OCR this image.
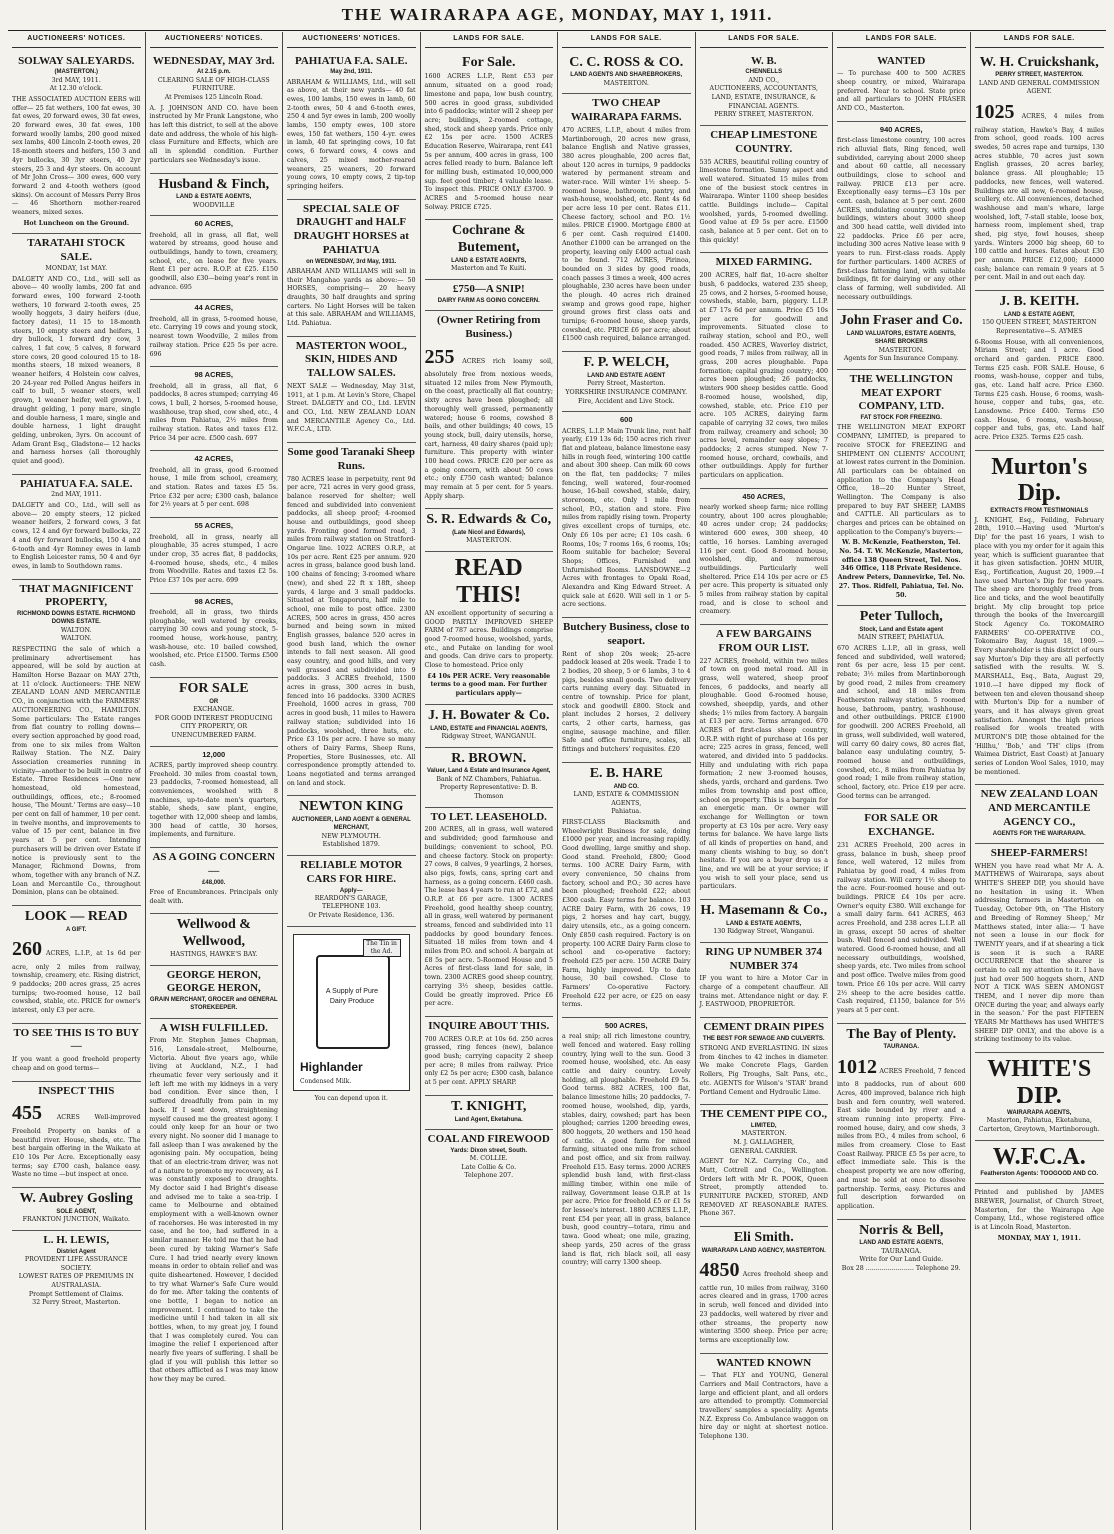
THE WAIRARAPA AGE, MONDAY, MAY 1, 1911.
AUCTIONEERS' NOTICES.
SOLWAY SALEYARDS.
(MASTERTON.)
3rd MAY, 1911.
At 12.30 o'clock.

THE ASSOCIATED AUCTION EERS will offer— 25 fat wethers, 100 fat ewes, 30 fat ewes, 20 forward ewes, 30 fat ewes, 20 forward ewes, 30 fat ewes, 100 forward woolly lambs, 200 good mixed sex lambs, 400 Lincoln 2-tooth ewes, 20 18-month steers and heifers, 150 3 and 4yr bullocks, 30 3yr steers, 40 2yr steers, 25 3 and 4yr steers. On account of Mr John Cross— 300 ewes, 600 very forward 2 and 4-tooth wethers (good skins). On account of Messrs Perry Bros— 46 Shorthorn mother-reared weaners, mixed sexes.

Hot Luncheon on the Ground.
TARATAHI STOCK SALE.
MONDAY, 1st MAY.

DALGETY AND CO., Ltd., will sell as above— 40 woolly lambs, 200 fat and forward ewes, 100 forward 2-tooth wethers, 10 forward 2-tooth ewes, 25 woolly hoggets, 3 dairy heifers (due, factory dates), 11 15 to 18-month steers, 10 empty steers and heifers, 1 dry bullock, 1 forward dry cow, 3 calves, 1 fat cow, 5 calves, 8 forward store cows, 20 good coloured 15 to 18-months steers, 18 mixed weaners, 8 weaner heifers, 4 Holstein cow calves, 20 24-year red Polled Angus heifers in calf to bull, 5 weaner steers, well grown, 1 weaner heifer, well grown, 1 draught gelding, 1 pony mare, single and double harness, 1 mare, single and double harness, 1 light draught gelding, unbroken, 3yrs. On account of Adam Grant Esq., Gladstone— 12 hacks and harness horses (all thoroughly quiet and good).

PAHIATUA F.A. SALE.
2nd MAY, 1911.

DALGETY and CO., Ltd., will sell as above— 20 empty steers, 12 picked weaner heifers, 2 forward cows, 3 fat cows, 12 4 and 6yr forward bullocks, 22 4 and 6yr forward bullocks, 150 4 and 6-tooth and 4yr Romney ewes in lamb to English Leicester rams, 50 4 and 6yr ewes, in lamb to Southdown rams.

THAT MAGNIFICENT PROPERTY,
RICHMOND DOWNS ESTATE. RICHMOND DOWNS ESTATE.
WALTON.
WALTON.

RESPECTING the sale of which a preliminary advertisement has appeared, will be sold by auction at Hamilton Horse Bazaar on MAY 27th, at 11 o'clock. Auctioneers: THE NEW ZEALAND LOAN AND MERCANTILE CO., in conjunction with the FARMERS' AUCTIONEERING CO., HAMILTON. Some particulars: The Estate ranges from flat country to rolling downs—every section approached by good road, from one to six miles from Walton Railway Station. The N.Z. Dairy Association creameries running in vicinity—another to be built in centre of Estate. Three Residences —One new homestead, old homestead, outbuildings, offices, etc.; 8-roomed house, 'The Mount.' Terms are easy—10 per cent on fall of hammer, 10 per cent. in twelve months, and improvements to value of 15 per cent, balance in five years at 5 per cent. Intending purchasers will be driven over Estate if notice is previously sent to the Manager, Richmond Downs, from whom, together with any branch of N.Z. Loan and Mercantile Co., throughout Dominion, plans can be obtained.

LOOK — READ
A GIFT.

260 ACRES, L.I.P., at 1s 6d per acre, only 2 miles from railway, township, creamery, etc. Rising district, 9 paddocks; 200 acres grass, 25 acres turnips; two-roomed house, 12 bail cowshed, stable, etc. PRICE for owner's interest, only £3 per acre.

TO SEE THIS IS TO BUY—

If you want a good freehold property cheap and on good terms—

INSPECT THIS

455 ACRES Well-improved Freehold Property on banks of a beautiful river. House, sheds, etc. The best bargain offering in the Waikato at £10 10s Per Acre. Exceptionally easy terms; say £700 cash, balance easy. Waste no time —but inspect at once.

W. Aubrey Gosling
SOLE AGENT,
FRANKTON JUNCTION, Waikato.
L. H. LEWIS,
District Agent
PROVIDENT LIFE ASSURANCE SOCIETY.
LOWEST RATES OF PREMIUMS IN AUSTRALASIA.
Prompt Settlement of Claims.
32 Perry Street, Masterton.
AUCTIONEERS' NOTICES.
WEDNESDAY, MAY 3rd.
At 2.15 p.m.
CLEARING SALE OF HIGH-CLASS FURNITURE.
At Premises 125 Lincoln Road.

A. J. JOHNSON AND CO. have been instructed by Mr Frank Langstone, who has left this district, to sell at the above date and address, the whole of his high-class Furniture and Effects, which are all in splendid condition. Further particulars see Wednesday's issue.

Husband & Finch,
LAND & ESTATE AGENTS,
WOODVILLE
60 ACRES,

freehold, all in grass, all flat, well watered by streams, good house and outbuildings, handy to town, creamery, school, etc., on lease for five years. Rent £1 per acre. R.O.P. at £25. £150 goodwill, also £30—being year's rent in advance. 695

44 ACRES,

freehold, all in grass, 5-roomed house, etc. Carrying 19 cows and young stock, nearest town Woodville, 2 miles from railway station. Price £25 5s per acre. 696

98 ACRES,

freehold, all in grass, all flat, 6 paddocks, 8 acres stumped; carrying 46 cows, 1 bull, 2 horses, 5-roomed house, washhouse, trap shed, cow shed, etc., 4 miles from Pahiatua, 2½ miles from railway station. Rates and taxes £12. Price 34 per acre. £500 cash. 697

42 ACRES,

freehold, all in grass, good 6-roomed house, 1 mile from school, creamery, and station. Rates and taxes £5 5s. Price £32 per acre; £300 cash, balance for 2½ years at 5 per cent. 698

55 ACRES,

freehold, all in grass, nearly all ploughable, 35 acres stumped, 1 acre under crop, 35 acres flat, 8 paddocks, 4-roomed house, sheds, etc., 4 miles from Woodville. Rates and taxes £2 5s. Price £37 10s per acre. 699

98 ACRES,

freehold, all in grass, two thirds ploughable, well watered by creeks, carrying 30 cows and young stock, 5-roomed house, work-house, pantry, wash-house, etc. 10 bailed cowshed, woolshed, etc. Price £1500. Terms £500 cash.

FOR SALE
OR
EXCHANGE.
FOR GOOD INTEREST PRODUCING CITY PROPERTY, OR UNENCUMBERED FARM.
12,000

ACRES, partly improved sheep country. Freehold. 30 miles from coastal town, 23 paddocks, 7-roomed homestead, all conveniences, woolshed with 8 machines, up-to-date men's quarters, stable, sheds, saw plant, engine, together with 12,000 sheep and lambs, 300 head of cattle, 30 horses, implements, and furniture.

AS A GOING CONCERN—
£48,000.

Free of Encumbrances. Principals only dealt with.

Wellwood & Wellwood,
HASTINGS, HAWKE'S BAY.
GEORGE HERON, GEORGE HERON,
GRAIN MERCHANT, GROCER and GENERAL STOREKEEPER.
A WISH FULFILLED.

From Mr. Stephen James Chapman, 516, Lonsdale-street, Melbourne, Victoria. About five years ago, while living at Auckland, N.Z., I had rheumatic fever very seriously and it left left me with my kidneys in a very bad condition. Ever since then, I suffered dreadfully from pain in my back. If I sent down, straightening myself caused me the greatest agony. I could only keep for an hour or two every night. No sooner did I manage to fall asleep than I was awakened by the agonising pain. My occupation, being that of an electric-tram driver, was not of a nature to promote my recovery, as I was constantly exposed to draughts. My doctor said I had Bright's disease and advised me to take a sea-trip. I came to Melbourne and obtained employment with a well-known owner of racehorses. He was interested in my case, and he too, had suffered in a similar manner. He told me that he had been cured by taking Warner's Safe Cure. I had tried nearly every known means in order to obtain relief and was quite disheartened. However, I decided to try what Warner's Safe Cure would do for me. After taking the contents of one bottle, I began to notice an improvement. I continued to take the medicine until I had taken in all six bottles, when, to my great joy, I found that I was completely cured. You can imagine the relief I experienced after nearly five years of suffering. I shall be glad if you will publish this letter so that others afflicted as I was may know how they may be cured.

AUCTIONEERS' NOTICES.
PAHIATUA F.A. SALE.
May 2nd, 1911.

ABRAHAM & WILLIAMS, Ltd., will sell as above, at their new yards— 40 fat ewes, 100 lambs, 150 ewes in lamb, 60 2-tooth ewes, 50 4 and 6-tooth ewes, 250 4 and 5yr ewes in lamb, 200 woolly lambs, 150 empty ewes, 100 store ewes, 150 fat wethers, 150 4-yr. ewes in lamb, 40 fat springing cows, 10 fat cows, 6 forward cows, 4 cows and calves, 25 mixed mother-reared weaners, 25 weaners, 20 forward young cows, 10 empty cows, 2 tip-top springing heifers.

SPECIAL SALE OF DRAUGHT and HALF DRAUGHT HORSES at PAHIATUA
on WEDNESDAY, 3rd May, 1911.

ABRAHAM AND WILLIAMS will sell in their Mangahao yards as above:— 50 HORSES, comprising— 20 heavy draughts, 30 half draughts and spring carters. No Light Horses will be taken at this sale. ABRAHAM and WILLIAMS, Ltd. Pahiatua.

MASTERTON WOOL, SKIN, HIDES AND TALLOW SALES.

NEXT SALE — Wednesday, May 31st, 1911, at 1 p.m. At Levin's Store, Chapel Street. DALGETY and CO., Ltd. LEVIN and CO., Ltd. NEW ZEALAND LOAN and MERCANTILE Agency Co., Ltd. W.F.C.A., LTD.

Some good Taranaki Sheep Runs.

780 ACRES lease in perpetuity, rent 9d per acre, 721 acres in very good grass, balance reserved for shelter; well fenced and subdivided into convenient paddocks, all sheep proof; 4-roomed house and outbuildings, good sheep yards. Fronting good formed road, 3 miles from railway station on Stratford-Ongarue line. 1022 ACRES O.R.P., at 10s per acre. Rent £25 per annum. 920 acres in grass, balance good bush land. 100 chains of fencing; 3-roomed whare (new), and shed 22 ft x 18ft, sheep yards, 4 large and 3 small paddocks. Situated at Tongaporutu, half mile to school, one mile to post office. 2300 ACRES, 500 acres in grass, 450 acres burned and being sown in mixed English grasses, balance 520 acres in good bush land, which the owner intends to fall next season. All good easy country, and good hills, and very well grassed and subdivided into 9 paddocks. 3 ACRES freehold, 1500 acres in grass, 300 acres in bush, fenced into 16 paddocks. 3300 ACRES Freehold, 1600 acres in grass, 700 acres in good bush, 11 miles to Hawera railway station; subdivided into 16 paddocks, woolshed, three huts, etc. Price £3 10s per acre. I have so many others of Dairy Farms, Sheep Runs, Properties, Store Businesses, etc. All correspondence promptly attended to. Loans negotiated and terms arranged on land and stock.

NEWTON KING
AUCTIONEER, LAND AGENT & GENERAL MERCHANT,
NEW PLYMOUTH.
Established 1879.
RELIABLE MOTOR CARS FOR HIRE.
Apply—
REARDON'S GARAGE,
TELEPHONE 103.
Or Private Residence, 136.
The Tin in the Ad.
A Supply of Pure Dairy Produce
Highlander
Condensed Milk.
You can depend upon it.
LANDS FOR SALE.
For Sale.

1600 ACRES L.I.P., Rent £53 per annum, situated on a good road; limestone and papa, low bush country, 500 acres in good grass, subdivided into 6 paddocks; winter will 2 sheep per acre; buildings, 2-roomed cottage, shed, stock and sheep yards. Price only £2 15s per acre. 1500 ACRES Education Reserve, Wairarapa, rent £41 5s per annum, 400 acres in grass, 100 acres felled ready to burn. Balance left for milling bush, estimated 10,000,000 sup. feet good timber; 4 valuable lease. To inspect this. PRICE ONLY £3700. 9 ACRES and 5-roomed house near Solway. PRICE £725.

Cochrane & Butement,
LAND & ESTATE AGENTS,
Masterton and Te Kuiti.
£750—A SNIP!
DAIRY FARM AS GOING CONCERN.
(Owner Retiring from Business.)

255 ACRES rich loamy soil, absolutely free from noxious weeds, situated 12 miles from New Plymouth, on the coast, practically all flat country; sixty acres have been ploughed; all thoroughly well grassed, permanently watered; house 6 rooms, cowshed 8 bails, and other buildings; 40 cows, 15 young stock, bull, dairy utensils, horse, cart, harness, 40 dairy shares (paid up); furniture. This property with winter 100 head cows. PRICE £20 per acre as a going concern, with about 50 cows etc.; only £750 cash wanted; balance may remain at 5 per cent. for 5 years. Apply sharp.

S. R. Edwards & Co,
(Late Nicol and Edwards),
MASTERTON.
READ THIS!

AN excellent opportunity of securing a GOOD PARTLY IMPROVED SHEEP FARM of 787 acres. Buildings comprise good 7-roomed house, woolshed, yards, etc., and Putake on landing for wool and goods. Can drive cars to property. Close to homestead. Price only

£4 10s PER ACRE. Very reasonable terms to a good man. For further particulars apply—
J. H. Bowater & Co.
LAND, ESTATE and FINANCIAL AGENTS,
Ridgway Street, WANGANUI.
R. BROWN.
Valuer, Land & Estate and Insurance Agent,
Bank of NZ Chambers, Pahiatua.
Property Representative: D. B. Thomson
TO LET. LEASEHOLD.

200 ACRES, all in grass, well watered and subdivided; good farmhouse and buildings; convenient to school, P.O. and cheese factory. Stock on property: 27 cows, 8 calves, 9 yearlings, 2 horses, also pigs, fowls, cans, spring cart and harness, as a going concern. £460 cash. The lease has 4 years to run at £72, and O.R.P. at £6 per acre. 1300 ACRES Freehold, good healthy sheep country, all in grass, well watered by permanent streams, fenced and subdivided into 11 paddocks by good boundary fences. Situated 18 miles from town and 4 miles from P.O. and school. A bargain at £8 5s per acre. 5-Roomed House and 5 Acres of first-class land for sale, in town. 2300 ACRES good sheep country, carrying 3½ sheep, besides cattle. Could be greatly improved. Price £6 per acre.

INQUIRE ABOUT THIS.

700 ACRES O.R.P. at 10s 6d. 250 acres grassed, ring fences (new), balance good bush; carrying capacity 2 sheep per acre; 8 miles from railway. Price only £2 5s per acre; £300 cash, balance at 5 per cent. APPLY SHARP.

T. KNIGHT,
Land Agent, Eketahuna.
COAL AND FIREWOOD
Yards: Dixon street, South.
M. COLLIE.
Late Collie & Co.
Telephone 207.
LANDS FOR SALE.
C. C. ROSS & CO.
LAND AGENTS AND SHAREBROKERS,
MASTERTON.
TWO CHEAP WAIRARAPA FARMS.

470 ACRES, L.I.P., about 4 miles from Martinborough, 20 acres new grass, balance English and Native grasses, 380 acres ploughable, 200 acres flat, about 120 acres in turnips, 9 paddocks watered by permanent stream and water-race. Will winter 1½ sheep. 5-roomed house, bathroom, pantry, and wash-house, woolshed, etc. Rent 4s 6d per acre less 10 per cent. Rates £11. Cheese factory, school and P.O. 1½ miles. PRICE £1900. Mortgage £800 at 6 per cent. Cash required £1400. Another £1000 can be arranged on the property, leaving only £400 actual cash to be found. 712 ACRES, Pirinoa, bounded on 3 sides by good roads, coach passes 3 times a week, 400 acres ploughable, 230 acres have been under the plough. 40 acres rich drained swamp and grows good rape, higher ground grows first class oats and turnips; 6-roomed house, sheep yards, cowshed, etc. PRICE £6 per acre; about £1500 cash required, balance arranged.

F. P. WELCH,
LAND AND ESTATE AGENT
Perry Street, Masterton.
YORKSHIRE INSURANCE COMPANY.
Fire, Accident and Live Stock.
600

ACRES, L.I.P. Main Trunk line, rent half yearly, £19 13s 6d; 150 acres rich river flat and plateau, balance limestone easy hills in rough feed, wintering 100 cattle and about 300 sheep. Can milk 60 cows on the flat, ten paddocks; 7 miles fencing, well watered, four-roomed house, 16-bail cowshed, stable, dairy, storeroom, etc. Only 1 mile from school, P.O., station and store. Five miles from rapidly rising town. Property gives excellent crops of turnips, etc. Only £6 10s per acre; £1 10s cash. 6 Rooms, 10s; 7 rooms 16s, 6 rooms, 10s; Room suitable for bachelor; Several Shops; Offices, Furnished and Unfurnished Rooms. LANSDOWNE—2 Acres with frontages to Opaki Road, Alexandra and King Edward Street. A quick sale at £620. Will sell in 1 or 5-acre sections.

Butchery Business, close to seaport.

Rent of shop 20s week; 25-acre paddock leased at 20s week. Trade 1 to 2 bodies, 20 sheep, 5 or 6 lambs, 3 to 4 pigs, besides small goods. Two delivery carts running every day. Situated in centre of township. Price for plant, stock and goodwill £800. Stock and plant includes 2 horses, 2 delivery carts, 2 other carts, harness, gas engine, sausage machine, and filler. Safe and office furniture, scales, all fittings and butchers' requisites. £20

E. B. HARE
AND CO.
LAND, ESTATE & COMMISSION AGENTS,
Pahiatua.

FIRST-CLASS Blacksmith and Wheelwright Business for sale, doing £1000 per year, and increasing rapidly. Good dwelling, large smithy and shop. Good stand. Freehold, £800; Good terms. 100 ACRE Dairy Farm, with every convenience, 50 chains from factory, school and P.O.; 30 acres have been ploughed; freehold £22; about £300 cash. Easy terms for balance. 103 ACRE Dairy Farm, with 26 cows, 19 pigs, 2 horses and hay cart, buggy, dairy utensils, etc., as a going concern. Only £850 cash required. Factory is on property. 100 ACRE Dairy Farm close to school and co-operative factory; freehold £25 per acre. 150 ACRE Dairy Farm, highly improved. Up to date house, 30 bail cowshed. Close to Farmers' Co-operative Factory. Freehold £22 per acre, or £25 on easy terms.

500 ACRES,

a real snip; all rich limestone country, well fenced and watered. Easy rolling country, lying well to the sun. Good 3 roomed house, woolshed, etc. An easy cattle and dairy country. Lovely holding, all ploughable. Freehold £9 5s. Good terms. 882 ACRES, 100 flat, balance limestone hills; 20 paddocks, 7-roomed house, woolshed, dip, yards, stables, dairy, cowshed; part has been ploughed; carries 1200 breeding ewes, 800 hoggets, 20 wethers and 150 head of cattle. A good farm for mixed farming, situated one mile from school and post office, and six from railway. Freehold £15. Easy terms. 2000 ACRES splendid bush land, with first-class milling timber, within one mile of railway, Government lease O.R.P. at 1s per acre. Price for freehold £5 or £1 5s for lessee's interest. 1880 ACRES L.I.P., rent £54 per year, all in grass, balance bush, good country—totara, rimu and tawa. Good wheat; one mile, grazing, sheep yards, 250 acres of the grass land is flat, rich black soil, all easy country; will carry 1300 sheep.

LANDS FOR SALE.
W. B.
CHENNELLS
AND CO.,
AUCTIONEERS, ACCOUNTANTS, LAND, ESTATE, INSURANCE, & FINANCIAL AGENTS.
PERRY STREET, MASTERTON.
CHEAP LIMESTONE COUNTRY.

535 ACRES, beautiful rolling country of limestone formation. Sunny aspect and well watered. Situated 15 miles from one of the busiest stock centres in Wairarapa. Winter 1100 sheep besides cattle. Buildings include— Capital woolshed, yards, 5-roomed dwelling. Good value at £9 5s per acre. £1500 cash, balance at 5 per cent. Get on to this quickly!

MIXED FARMING.

200 ACRES, half flat, 10-acre shelter bush, 6 paddocks, watered 235 sheep, 25 cows, and 2 horses, 5-roomed house, cowsheds, stable, barn, piggery. L.I.P. at £7 17s 6d per annum. Price £5 10s per acre for goodwill and improvements. Situated close to railway station, school and P.O., well roaded. 450 ACRES, Waverley district, good roads, 7 miles from railway, all in grass, 200 acres ploughable. Papa formation; capital grazing country; 400 acres been ploughed; 26 paddocks, winters 900 sheep besides cattle. Good 8-roomed house, woolshed, dip, cowshed, stable, etc. Price £10 per acre. 105 ACRES, dairying farm capable of carrying 32 cows, two miles from railway, creamery and school; 30 acres level, remainder easy slopes; 7 paddocks; 2 acres stumped. New 7-roomed house, orchard, cowbails, and other outbuildings. Apply for further particulars on application.

450 ACRES,

nearly worked sheep farm; nice rolling country, about 100 acres ploughable; 40 acres under crop; 24 paddocks; wintered 600 ewes, 300 sheep, 40 cattle, 16 horses. Lambing averaged 116 per cent. Good 8-roomed house, woolshed, dip, and numerous outbuildings. Particularly well sheltered. Price £14 10s per acre or £5 per acre. This property is situated only 5 miles from railway station by capital road, and is close to school and creamery.

A FEW BARGAINS FROM OUR LIST.

227 ACRES, freehold, within two miles of town on good metal road. All in grass, well watered, sheep proof fences, 6 paddocks, and nearly all ploughable. Good 6-roomed house, cowshed, sheepdip, yards, and other sheds; 1½ miles from factory. A bargain at £13 per acre. Terms arranged. 670 ACRES of first-class sheep country, O.R.P. with right of purchase at 16s per acre; 225 acres in grass, fenced, well watered, and divided into 5 paddocks. Hilly and undulating with rich papa formation; 2 new 3-roomed houses, sheds, yards, orchard and gardens. Two miles from township and post office, school on property. This is a bargain for an energetic man. Or owner will exchange for Wellington or town property at £3 10s per acre. Very easy terms for balance. We have large lists of all kinds of properties on hand, and many clients wishing to buy, so don't hesitate. If you are a buyer drop us a line, and we will be at your service; if you wish to sell your place, send us particulars.

H. Masemann & Co.,
LAND & ESTATE AGENTS,
130 Ridgway Street, Wanganui.
RING UP NUMBER 374 NUMBER 374

IF you want to hire a Motor Car in charge of a competent chauffeur. All trains met. Attendance night or day. F. J. EASTWOOD, PROPRIETOR.

CEMENT DRAIN PIPES
THE BEST FOR SEWAGE AND CULVERTS.

STRONG AND EVERLASTING. IN sizes from 4inches to 42 inches in diameter. We make Concrete Flags, Garden Rollers, Pig Troughs, Salt Pans, etc., etc. AGENTS for Wilson's 'STAR' brand Portland Cement and Hydraulic Lime.

THE CEMENT PIPE CO.,
LIMITED,
MASTERTON.
M. J. GALLAGHER,
GENERAL CARRIER.

AGENT for N.Z. Carrying Co., and Mutt, Cottrell and Co., Wellington. Orders left with Mr R. POOK, Queen Street, promptly attended to. FURNITURE PACKED, STORED, AND REMOVED AT REASONABLE RATES. Phone 367.

Eli Smith.
WAIRARAPA LAND AGENCY, MASTERTON.

4850 Acres freehold sheep and cattle run, 10 miles from railway, 3160 acres cleared and in grass, 1700 acres in scrub, well fenced and divided into 23 paddocks, well watered by river and other streams, the property now wintering 3500 sheep. Price per acre; terms are exceptionally low.

WANTED KNOWN

— That FLY and YOUNG, General Carriers and Mail Contractors, have a large and efficient plant, and all orders are attended to promptly. Commercial travellers' samples a speciality. Agents N.Z. Express Co. Ambulance waggon on hire day or night at shortest notice. Telephone 130.

LANDS FOR SALE.
WANTED

— To purchase 400 to 500 ACRES sheep country, or mixed, Wairarapa preferred. Near to school. State price and all particulars to JOHN FRASER AND CO., Masterton.

940 ACRES,

first-class limestone country, 100 acres rich alluvial flats, Ring fenced, well subdivided, carrying about 2000 sheep and about 60 cattle, all necessary outbuildings, close to school and railway. PRICE £13 per acre. Exceptionally easy terms—£3 10s per cent. cash, balance at 5 per cent. 2600 ACRES, undulating country, with good buildings, winters about 3000 sheep and 300 head cattle, well divided into 22 paddocks. Price £6 per acre, including 300 acres Native lease with 9 years to run. First-class roads. Apply for further particulars. 1400 ACRES of first-class fattening land, with suitable buildings, fit for dairying or any other class of farming, well subdivided. All necessary outbuildings.

John Fraser and Co.
LAND VALUATORS, ESTATE AGENTS, SHARE BROKERS
MASTERTON.
Agents for Sun Insurance Company.
THE WELLINGTON MEAT EXPORT COMPANY, LTD.
FAT STOCK FOR FREEZING.

THE WELLINGTON MEAT EXPORT COMPANY, LIMITED, is prepared to receive STOCK for FREEZING and SHIPMENT ON CLIENTS' ACCOUNT, at lowest rates current in the Dominion. All particulars can be obtained on application to the Company's Head Office, 18—20 Hunter Street, Wellington. The Company is also prepared to buy FAT SHEEP, LAMBS and CATTLE. All particulars as to charges and prices can be obtained on application to the Company's buyers:—

W. B. McKenzie, Featherston, Tel. No. 54. T. W. McKenzie, Masterton, office 138 Queen Street, Tel. Nos. 346 Office, 118 Private Residence. Andrew Peters, Dannevirke, Tel. No. 27. Thos. Ridfell, Pahiatua, Tel. No. 50.
Peter Tulloch,
Stock, Land and Estate agent
MAIN STREET, PAHIATUA.

670 ACRES L.I.P., all in grass, well fenced and subdivided, well watered; rent 6s per acre, less 15 per cent. rebate; 3½ miles from Martinborough by good road, 2 miles from creamery and school, and 18 miles from Featherston railway station. 5 roomed house, bathroom, pantry, washhouse, and other outbuildings. PRICE £1900 for goodwill. 200 ACRES Freehold, all in grass, well subdivided, well watered, will carry 60 dairy cows, 80 acres flat, balance easy undulating country, 5-roomed house and outbuildings, cowshed, etc., 8 miles from Pahiatua by good road; 1 mile from railway station, school, factory, etc. Price £19 per acre. Good terms can be arranged.

FOR SALE OR EXCHANGE.

231 ACRES Freehold, 200 acres in grass, balance in bush, sheep proof fence, well watered, 12 miles from Pahiatua by good road, 4 miles from railway station. Will carry 1½ sheep to the acre. Four-roomed house and out-buildings. PRICE £4 10s per acre. Owner's equity £380. Will exchange for a small dairy farm. 641 ACRES, 463 acres Freehold, and 238 acres L.I.P. all in grass, except 50 acres of shelter bush. Well fenced and subdivided. Well watered. Good 6-roomed house, and all necessary outbuildings, woolshed, sheep yards, etc. Two miles from school and post office. Twelve miles from good town. Price £6 10s per acre. Will carry 2½ sheep to the acre besides cattle. Cash required, £1150, balance for 5½ years at 5 per cent.

The Bay of Plenty.
TAURANGA.

1012 ACRES Freehold, 7 fenced into 8 paddocks, run of about 600 Acres, 400 improved, balance rich high bush and fern country, well watered. East side bounded by river and a stream running into property. Five-roomed house, dairy, and cow sheds, 3 miles from P.O., 4 miles from school, 6 miles from creamery. Close to East Coast Railway. PRICE £5 5s per acre, to effect immediate sale. This is the cheapest property we are now offering, and must be sold at once to dissolve partnership. Terms, easy. Pictures and full description forwarded on application.

Norris & Bell,
LAND AND ESTATE AGENTS,
TAURANGA.
Write for Our Land Guide.
Box 28 ........................ Telephone 29.
LANDS FOR SALE.
W. H. Cruickshank,
PERRY STREET, MASTERTON.
LAND AND GENERAL COMMISSION AGENT.

1025 ACRES, 4 miles from railway station, Hawke's Bay, 4 miles from school, good roads. 100 acres swedes, 50 acres rape and turnips, 130 acres stubble, 70 acres just sown English grasses, 20 acres barley, balance grass. All ploughable; 15 paddocks, new fences, well watered. Buildings are all new, 6-roomed house, scullery, etc. All conveniences, detached washhouse and man's whare, large woolshed, loft, 7-stall stable, loose box, harness room, implement shed, trap shed, pig stye, fowl houses, sheep yards. Winters 2000 big sheep, 60 to 100 cattle and horses. Rates about £30 per annum. PRICE £12,000; £4000 cash; balance can remain 9 years at 5 per cent. Mail in and out each day.

J. B. KEITH.
LAND & ESTATE AGENT,
150 QUEEN STREET, MASTERTON
Representative—S. AYMES

6-Rooms House, with all conveniences, Miriam Street; and 1 acre. Good orchard and garden. PRICE £800. Terms £25 cash. FOR SALE. House, 6 rooms, wash-house, copper and tubs, gas, etc. Land half acre. Price £360. Terms £25 cash. House, 6 rooms, wash-house, copper and tubs, gas, etc. Lansdowne. Price £400. Terms £50 cash. House, 6 rooms, wash-house, copper and tubs, gas, etc. Land half acre. Price £325. Terms £25 cash.

Murton's Dip.
EXTRACTS FROM TESTIMONIALS

J. KNIGHT, Esq., Feilding, February 28th, 1910.—Having used 'Murton's Dip' for the past 16 years, I wish to place with you my order for it again this year, which is sufficient guarantee that it has given satisfaction. JOHN MUIR, Esq., Fortification, August 20, 1909.—I have used Murton's Dip for two years. The sheep are thoroughly freed from lice and ticks, and the wool beautifully bright. My clip brought top price through the books of the Invercargill Stock Agency Co. TOKOMAIRO FARMERS' CO-OPERATIVE CO., Tokomairo Bay, August 18, 1909.—Every shareholder is this district of ours say Murton's Dip they are all perfectly satisfied with the results. W. S. MARSHALL, Esq., Bata, August 29, 1910.—I have dipped my flock of between ten and eleven thousand sheep with Murton's Dip for a number of years, and it has always given great satisfaction. Amongst the high prices realised for wools treated with MURTON'S DIP, those obtained for the 'Hillhu,' 'Bob,' and 'TH' clips (from Waimea District, East Coast) at January series of London Wool Sales, 1910, may be mentioned.

NEW ZEALAND LOAN AND MERCANTILE AGENCY CO.,
AGENTS FOR THE WAIRARAPA.
SHEEP-FARMERS!

WHEN you have read what Mr A. A. MATTHEWS of Wairarapa, says about WHITE'S SHEEP DIP, you should have no hesitation in using it. When addressing farmers in Masterton on Tuesday, October 9th, on 'The History and Breeding of Romney Sheep,' Mr Matthews stated, inter alia:— 'I have not seen a louse in our flock for TWENTY years, and if at shearing a tick is seen it is such a RARE OCCURRENCE that the shearer is certain to call my attention to it. I have just had over 500 hoggets shorn, AND NOT A TICK WAS SEEN AMONGST THEM, and I never dip more than ONCE during the year, and always early in the season.' For the past FIFTEEN YEARS Mr Matthews has used WHITE'S SHEEP DIP ONLY, and the above is a striking testimony to its value.

WHITE'S DIP.
WAIRARAPA AGENTS,
Masterton, Pahiatua, Eketahuna, Carterton, Greytown, Martinborough.
W.F.C.A.
Featherston Agents: TOOGOOD AND CO.

Printed and published by JAMES BREWER, Journalist, of Church Street, Masterton, for the Wairarapa Age Company, Ltd., whose registered office is at Lincoln Road, Masterton.

MONDAY, MAY 1, 1911.
